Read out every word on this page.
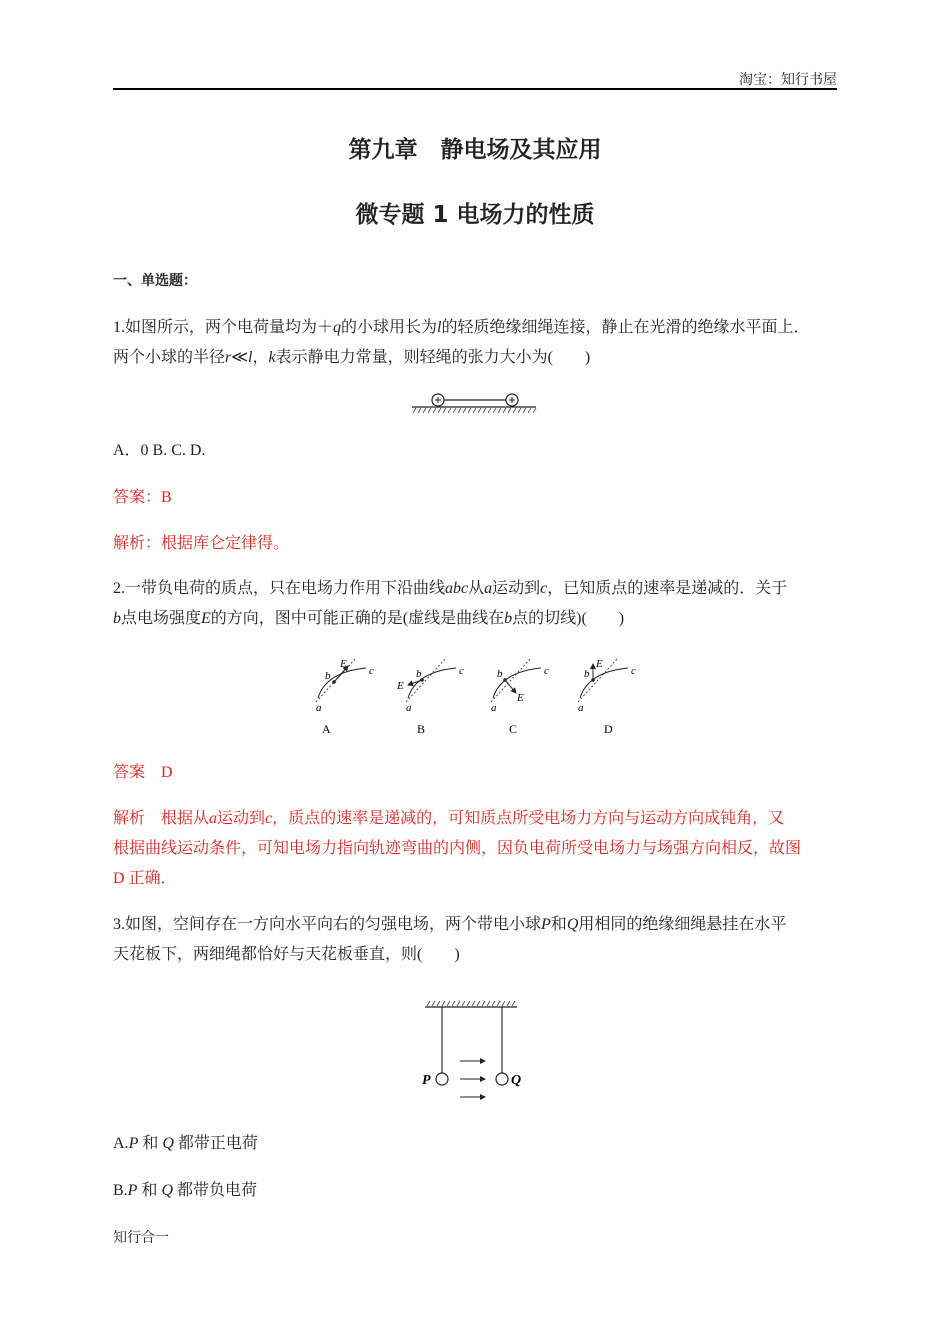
淘宝：知行书屋
第九章　静电场及其应用
微专题 1 电场力的性质
一、单选题：
1.如图所示，两个电荷量均为＋q的小球用长为l的轻质绝缘细绳连接，静止在光滑的绝缘水平面上．
两个小球的半径r≪l，k表示静电力常量，则轻绳的张力大小为(　　)
A．0 B. C. D.
答案：B
解析：根据库仑定律得。
2.一带负电荷的质点，只在电场力作用下沿曲线abc从a运动到c，已知质点的速率是递减的．关于
b点电场强度E的方向，图中可能正确的是(虚线是曲线在b点的切线)(　　)
E
b	c
a
A
E
b	c
a
B
E
b	c
a
C
E
b	c
a
D
答案　D
解析　根据从a运动到c，质点的速率是递减的，可知质点所受电场力方向与运动方向成钝角，又
根据曲线运动条件，可知电场力指向轨迹弯曲的内侧，因负电荷所受电场力与场强方向相反，故图
D 正确．
3.如图，空间存在一方向水平向右的匀强电场，两个带电小球P和Q用相同的绝缘细绳悬挂在水平
天花板下，两细绳都恰好与天花板垂直，则(　　)
P	Q
A.P 和 Q 都带正电荷
B.P 和 Q 都带负电荷
知行合一
